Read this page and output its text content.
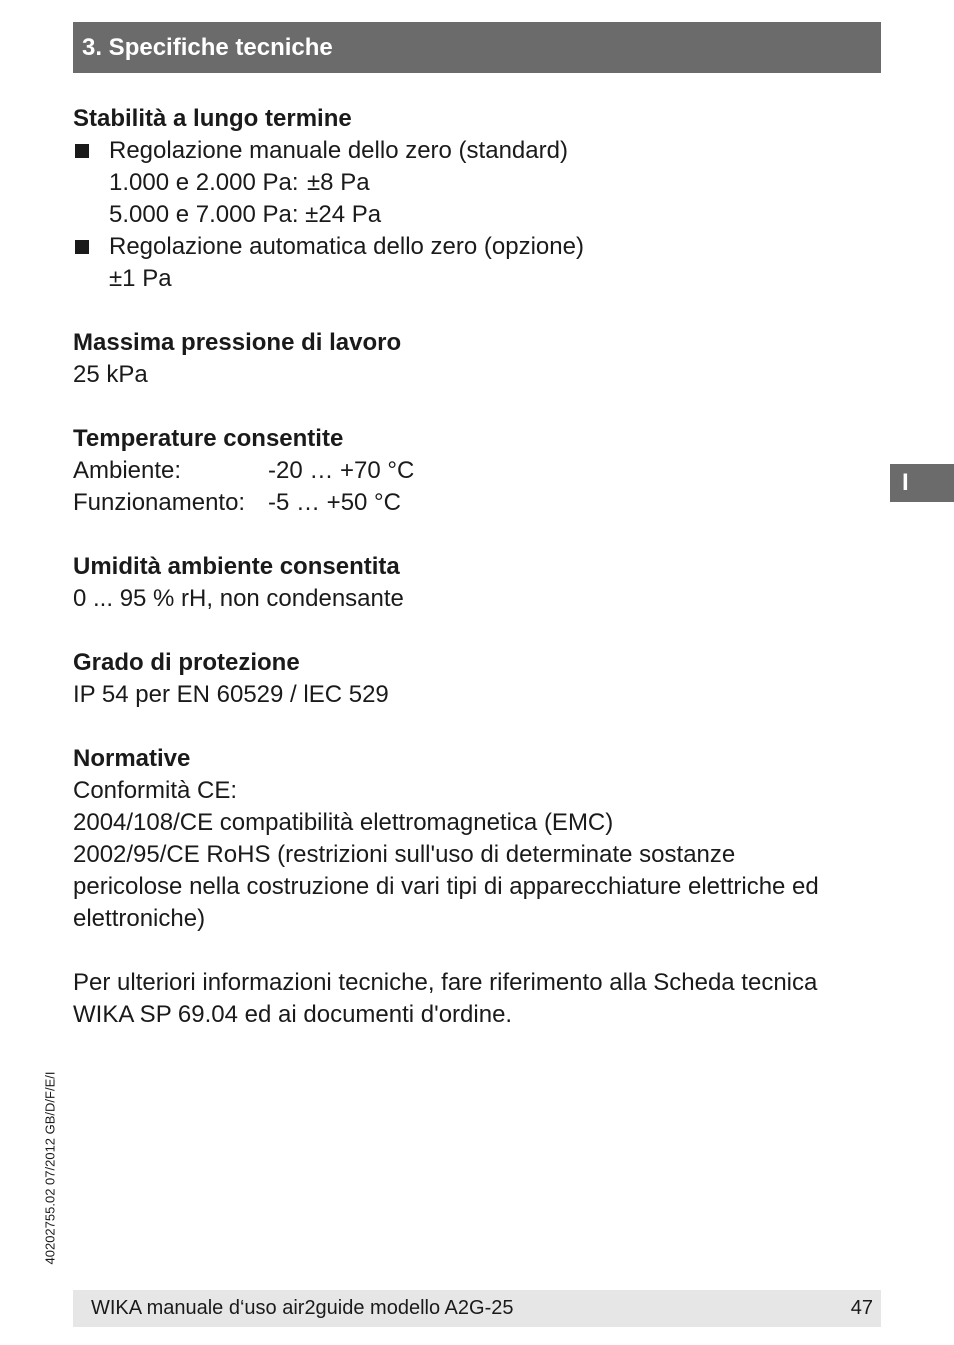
3. Specifiche tecniche

Stabilità a lungo termine

Regolazione manuale dello zero (standard)

1.000 e 2.000 Pa: ±8 Pa
5.000 e 7.000 Pa:
±24 Pa

Regolazione automatica dello zero (opzione)

±1 Pa

Massima pressione di lavoro

25 kPa

Temperature consentite

Ambiente:	-20 … +70 °C
Funzionamento: -5 … +50 °C

Umidità ambiente consentita

0 ... 95 % rH, non condensante

Grado di protezione

IP 54 per EN 60529 / lEC 529

Normative

Conformità CE:

2004/108/CE compatibilità elettromagnetica (EMC)

2002/95/CE RoHS (restrizioni sull'uso di determinate sostanze

pericolose nella costruzione di vari tipi di apparecchiature elettriche ed

elettroniche)

Per ulteriori informazioni tecniche, fare riferimento alla Scheda tecnica

WIKA SP 69.04 ed ai documenti d'ordine.

I
40202755.02 07/2012 GB/D/F/E/I
WIKA manuale d‘uso air2guide modello A2G-25	47
